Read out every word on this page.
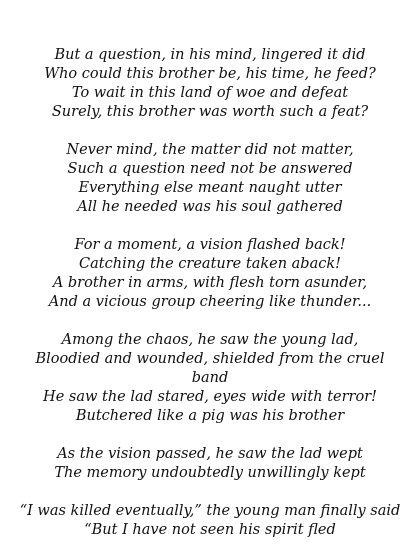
But a question, in his mind, lingered it did
Who could this brother be, his time, he feed?
To wait in this land of woe and defeat
Surely, this brother was worth such a feat?
Never mind, the matter did not matter,
Such a question need not be answered
Everything else meant naught utter
All he needed was his soul gathered
For a moment, a vision flashed back!
Catching the creature taken aback!
A brother in arms, with flesh torn asunder,
And a vicious group cheering like thunder...
Among the chaos, he saw the young lad,
Bloodied and wounded, shielded from the cruel
band
He saw the lad stared, eyes wide with terror!
Butchered like a pig was his brother
As the vision passed, he saw the lad wept
The memory undoubtedly unwillingly kept
“I was killed eventually,” the young man finally said
“But I have not seen his spirit fled
